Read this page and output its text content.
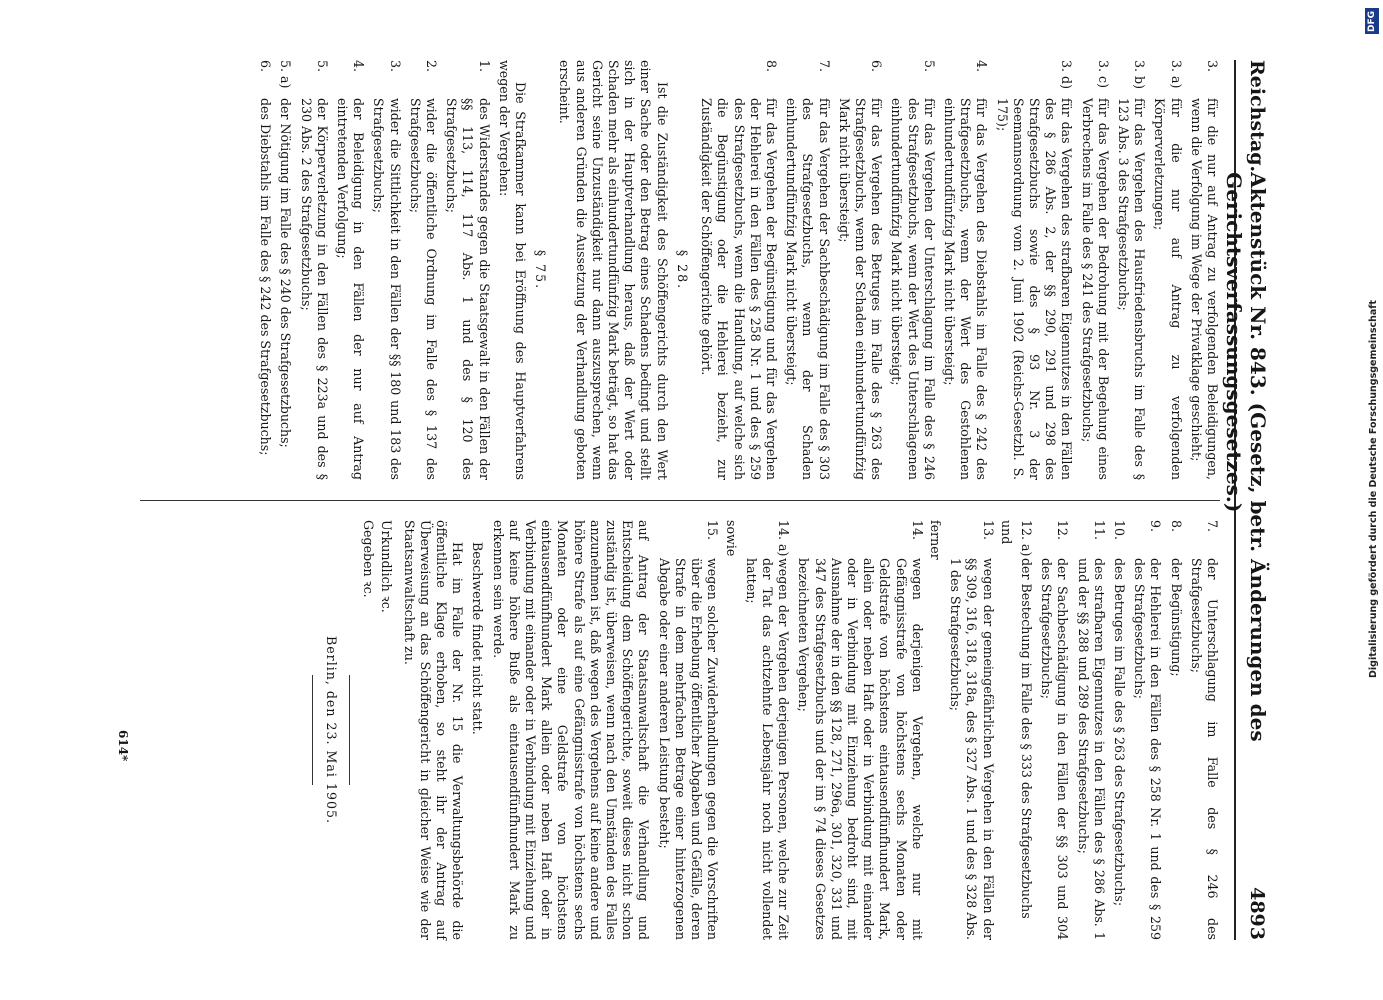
Reichstag.
Aktenstück Nr. 843. (Gesetz, betr. Änderungen des Gerichtsverfassungsgesetzes.)
4893
3.
für die nur auf Antrag zu verfolgenden Beleidigungen, wenn die Verfolgung im Wege der Privatklage geschieht;
3. a)
für die nur auf Antrag zu verfolgenden Körperverletzungen;
3. b)
für das Vergehen des Hausfriedensbruchs im Falle des § 123 Abs. 3 des Strafgesetzbuchs;
3. c)
für das Vergehen der Bedrohung mit der Begehung eines Verbrechens im Falle des § 241 des Strafgesetzbuchs;
3. d)
für das Vergehen des strafbaren Eigennutzes in den Fällen des § 286 Abs. 2, der §§ 290, 291 und 298 des Strafgesetzbuchs sowie des § 93 Nr. 3 der Seemannsordnung vom 2. Juni 1902 (Reichs-Gesetzbl. S. 175);
4.
für das Vergehen des Diebstahls im Falle des § 242 des Strafgesetzbuchs, wenn der Wert des Gestohlenen einhundertundfünfzig Mark nicht übersteigt;
5.
für das Vergehen der Unterschlagung im Falle des § 246 des Strafgesetzbuchs, wenn der Wert des Unterschlagenen einhundertundfünfzig Mark nicht übersteigt;
6.
für das Vergehen des Betruges im Falle des § 263 des Strafgesetzbuchs, wenn der Schaden einhundertundfünfzig Mark nicht übersteigt;
7.
für das Vergehen der Sachbeschädigung im Falle des § 303 des Strafgesetzbuchs, wenn der Schaden einhundertundfünfzig Mark nicht übersteigt;
8.
für das Vergehen der Begünstigung und für das Vergehen der Hehlerei in den Fällen des § 258 Nr. 1 und des § 259 des Strafgesetzbuchs, wenn die Handlung, auf welche sich die Begünstigung oder die Hehlerei bezieht, zur Zuständigkeit der Schöffengerichte gehört.
§ 28.
Ist die Zuständigkeit des Schöffengerichts durch den Wert einer Sache oder den Betrag eines Schadens bedingt und stellt sich in der Hauptverhandlung heraus, daß der Wert oder Schaden mehr als einhundertundfünfzig Mark beträgt, so hat das Gericht seine Unzuständigkeit nur dann auszusprechen, wenn aus anderen Gründen die Aussetzung der Verhandlung geboten erscheint.
§ 75.
Die Strafkammer kann bei Eröffnung des Hauptverfahrens wegen der Vergehen:
1.
des Widerstandes gegen die Staatsgewalt in den Fällen der §§ 113, 114, 117 Abs. 1 und des § 120 des Strafgesetzbuchs;
2.
wider die öffentliche Ordnung im Falle des § 137 des Strafgesetzbuchs;
3.
wider die Sittlichkeit in den Fällen der §§ 180 und 183 des Strafgesetzbuchs;
4.
der Beleidigung in den Fällen der nur auf Antrag eintretenden Verfolgung;
5.
der Körperverletzung in den Fällen des § 223a und des § 230 Abs. 2 des Strafgesetzbuchs;
5. a)
der Nötigung im Falle des § 240 des Strafgesetzbuchs;
6.
des Diebstahls im Falle des § 242 des Strafgesetzbuchs;
7.
der Unterschlagung im Falle des § 246 des Strafgesetzbuchs;
8.
der Begünstigung;
9.
der Hehlerei in den Fällen des § 258 Nr. 1 und des § 259 des Strafgesetzbuchs;
10.
des Betruges im Falle des § 263 des Strafgesetzbuchs;
11.
des strafbaren Eigennutzes in den Fällen des § 286 Abs. 1 und der §§ 288 und 289 des Strafgesetzbuchs;
12.
der Sachbeschädigung in den Fällen der §§ 303 und 304 des Strafgesetzbuchs;
12. a)
der Bestechung im Falle des § 333 des Strafgesetzbuchs
und
13.
wegen der gemeingefährlichen Vergehen in den Fällen der §§ 309, 316, 318, 318a, des § 327 Abs. 1 und des § 328 Abs. 1 des Strafgesetzbuchs;
ferner
14.
wegen derjenigen Vergehen, welche nur mit Gefängnisstrafe von höchstens sechs Monaten oder Geldstrafe von höchstens eintausendfünfhundert Mark, allein oder neben Haft oder in Verbindung mit einander oder in Verbindung mit Einziehung bedroht sind, mit Ausnahme der in den §§ 128, 271, 296a, 301, 320, 331 und 347 des Strafgesetzbuchs und der im § 74 dieses Gesetzes bezeichneten Vergehen;
14. a)
wegen der Vergehen derjenigen Personen, welche zur Zeit der Tat das achtzehnte Lebensjahr noch nicht vollendet hatten;
sowie
15.
wegen solcher Zuwiderhandlungen gegen die Vorschriften über die Erhebung öffentlicher Abgaben und Gefälle, deren Strafe in dem mehrfachen Betrage einer hinterzogenen Abgabe oder einer anderen Leistung besteht;
auf Antrag der Staatsanwaltschaft die Verhandlung und Entscheidung dem Schöffengerichte, soweit dieses nicht schon zuständig ist, überweisen, wenn nach den Umständen des Falles anzunehmen ist, daß wegen des Vergehens auf keine andere und höhere Strafe als auf eine Gefängnisstrafe von höchstens sechs Monaten oder eine Geldstrafe von höchstens eintausendfünfhundert Mark allein oder neben Haft oder in Verbindung mit einander oder in Verbindung mit Einziehung und auf keine höhere Buße als eintausendfünfhundert Mark zu erkennen sein werde.
Beschwerde findet nicht statt.
Hat im Falle der Nr. 15 die Verwaltungsbehörde die öffentliche Klage erhoben, so steht ihr der Antrag auf Überweisung an das Schöffengericht in gleicher Weise wie der Staatsanwaltschaft zu.
Urkundlich ꝛc.
Gegeben ꝛc.
Berlin, den 23. Mai 1905.
614*
DFG
Digitalisierung gefördert durch die Deutsche Forschungsgemeinschaft
